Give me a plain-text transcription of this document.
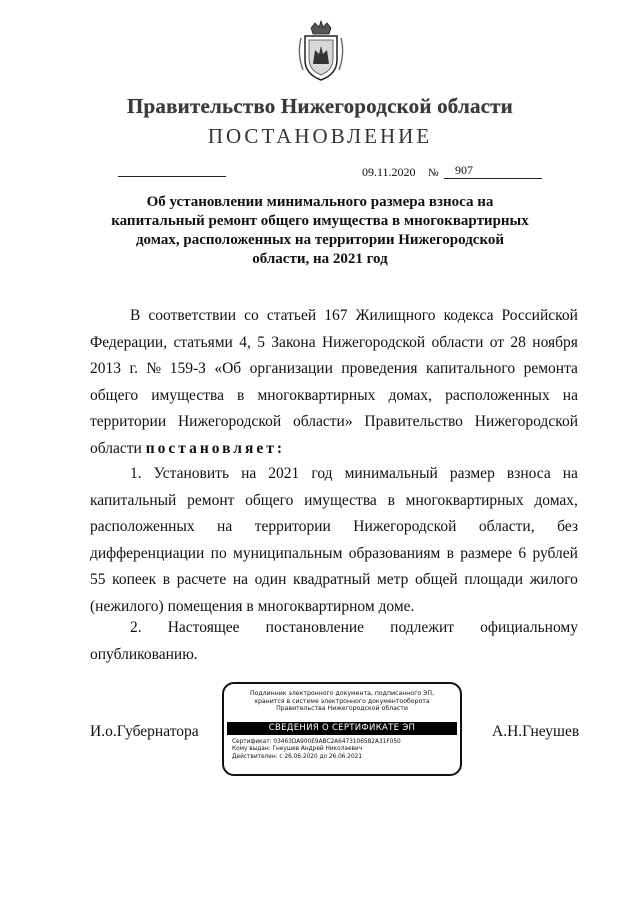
Правительство Нижегородской области
ПОСТАНОВЛЕНИЕ
09.11.2020 №	907
Об установлении минимального размера взноса на
капитальный ремонт общего имущества в многоквартирных
домах, расположенных на территории Нижегородской
области, на 2021 год
В соответствии со статьей 167 Жилищного кодекса Российской
Федерации, статьями 4, 5 Закона Нижегородской области от 28 ноября
2013 г. № 159-З «Об организации проведения капитального ремонта
общего имущества в многоквартирных домах, расположенных на
территории Нижегородской области» Правительство Нижегородской
области постановляет:
1. Установить на 2021 год минимальный размер взноса на
капитальный ремонт общего имущества в многоквартирных домах,
расположенных на территории Нижегородской области, без
дифференциации по муниципальным образованиям в размере 6 рублей
55 копеек в расчете на один квадратный метр общей площади жилого
(нежилого) помещения в многоквартирном доме.
2. Настоящее постановление подлежит официальному
опубликованию.
И.о.Губернатора	А.Н.Гнеушев
Подлинник электронного документа, подписанного ЭП,
хранится в системе электронного документооборота
Правительства Нижегородской области
СВЕДЕНИЯ О СЕРТИФИКАТЕ ЭП
Сертификат: 03463DA900E9ABC2A6473106582A31F050
Кому выдан: Гнеушев Андрей Николаевич
Действителен: с 26.06.2020 до 26.06.2021
